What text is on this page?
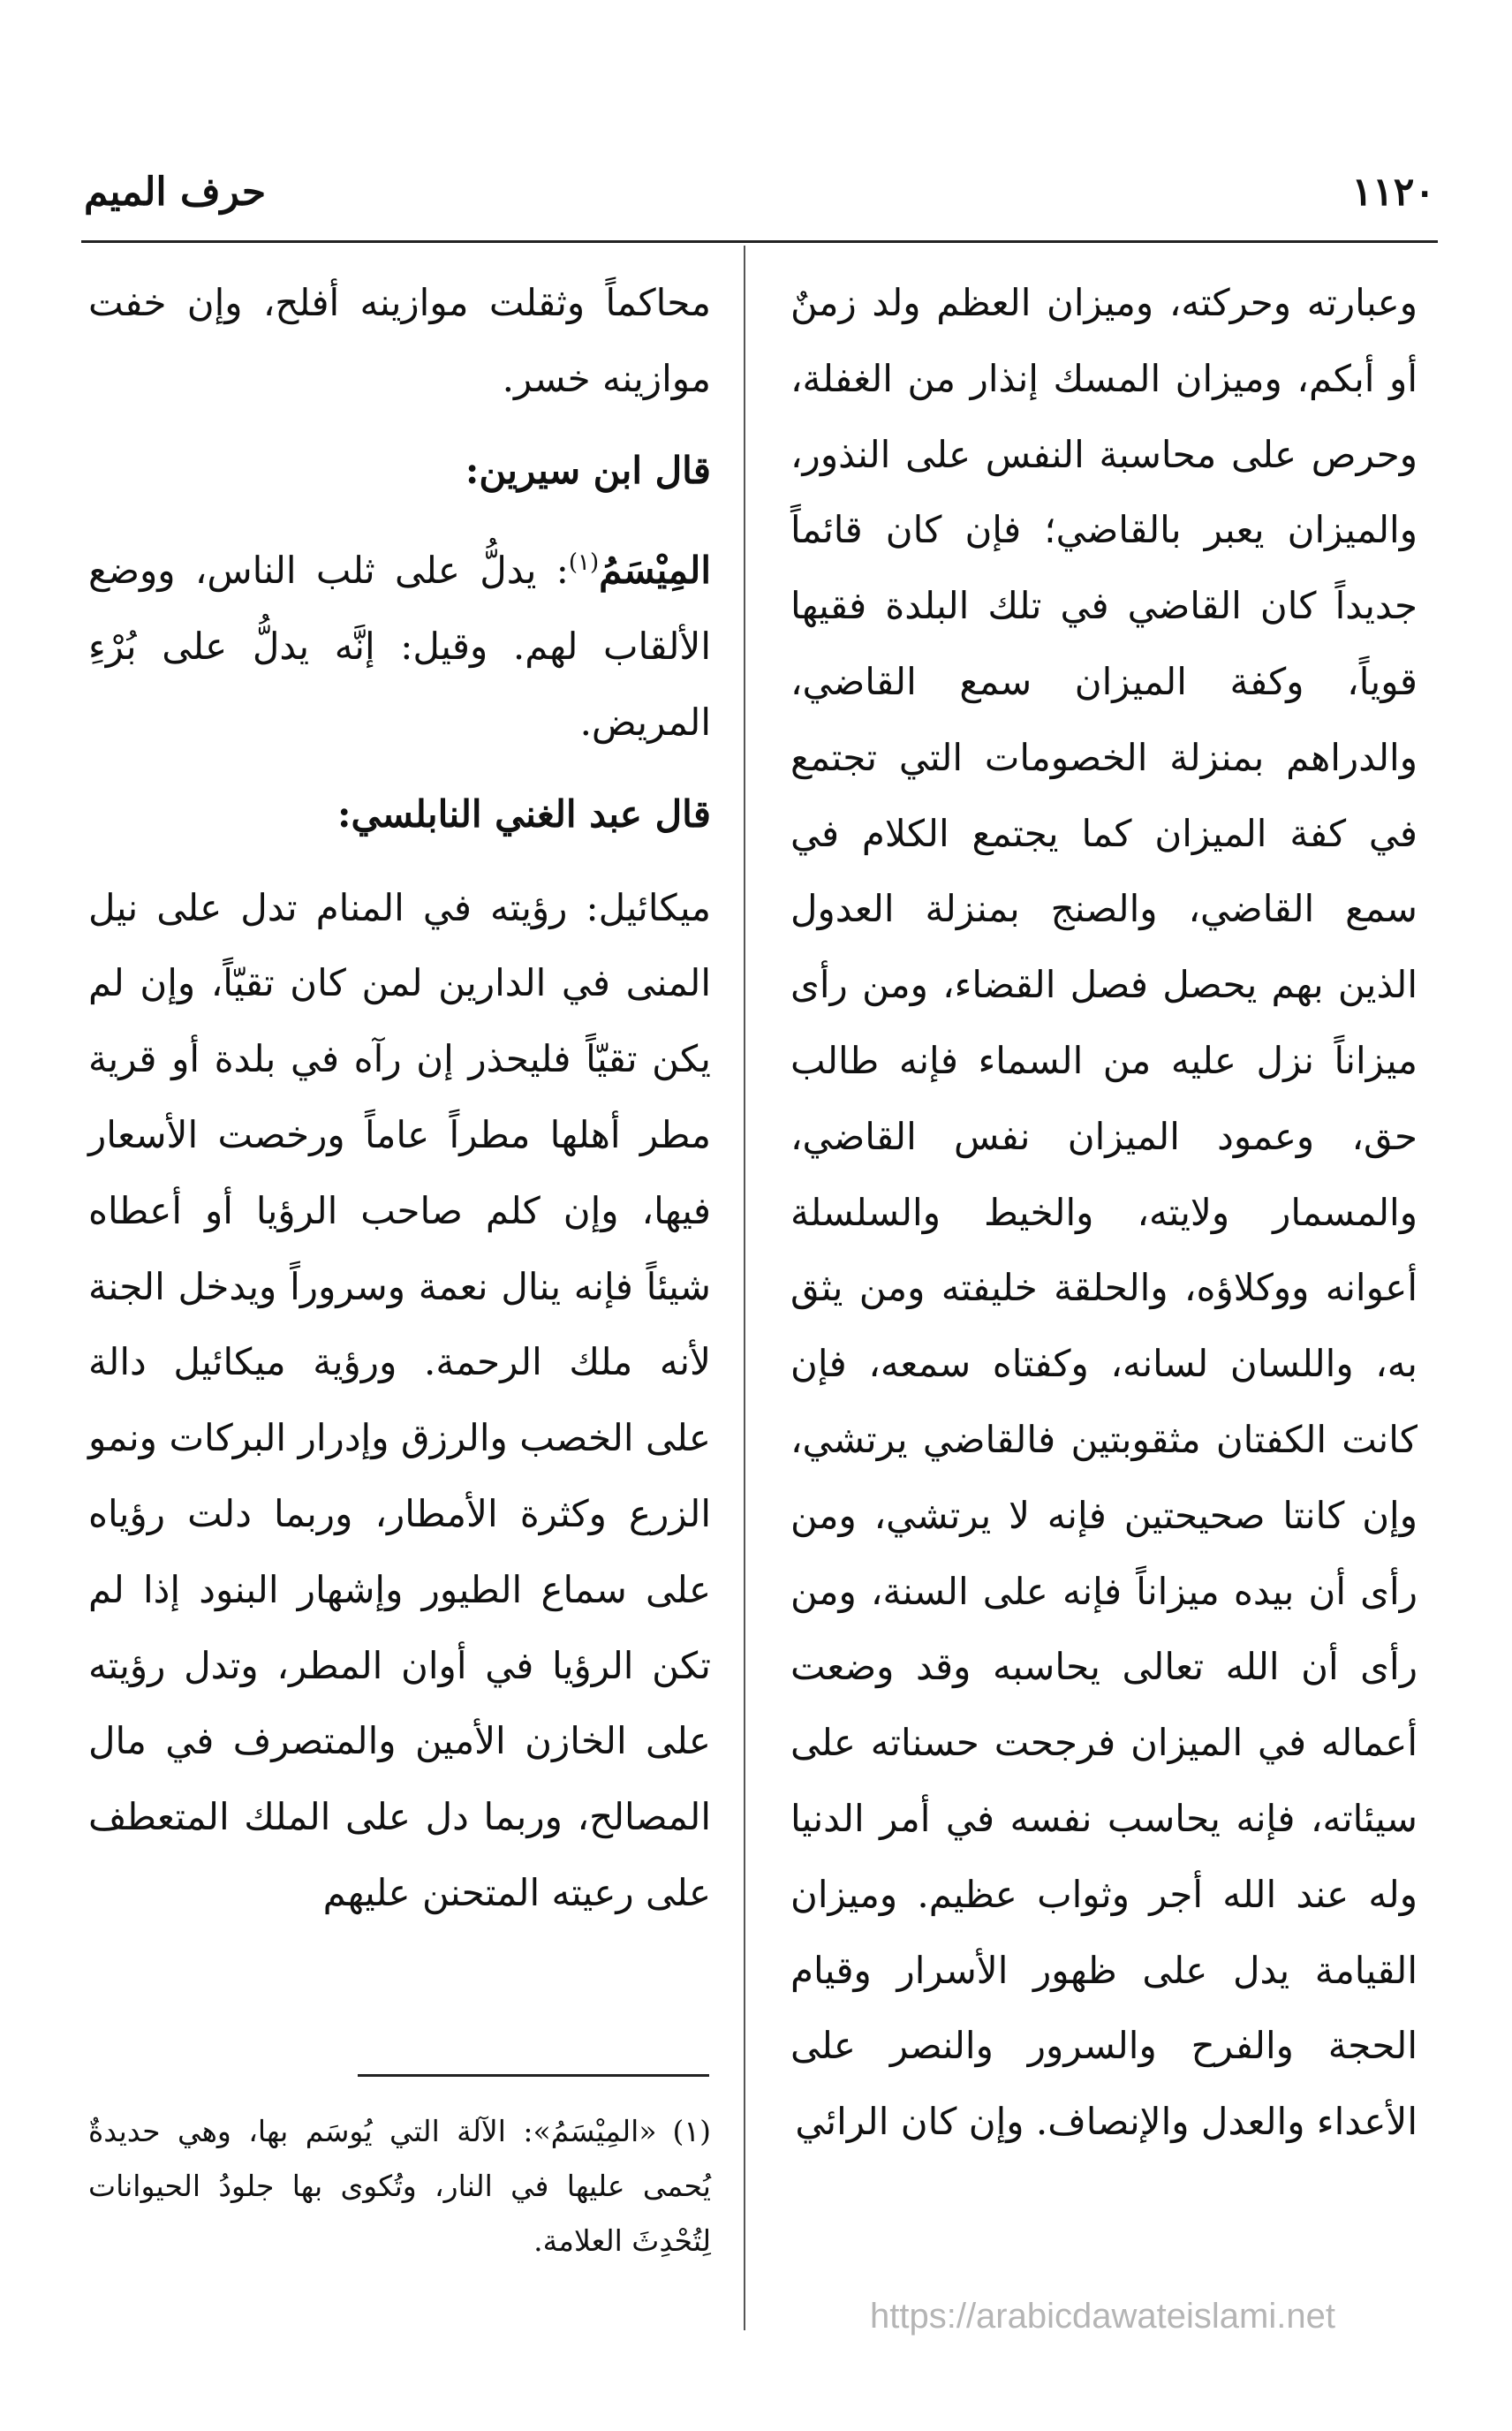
حرف الميم	١١٢٠

وعبارته وحركته، وميزان العظم ولد زمنٌ أو أبكم، وميزان المسك إنذار من الغفلة، وحرص على محاسبة النفس على النذور، والميزان يعبر بالقاضي؛ فإن كان قائماً جديداً كان القاضي في تلك البلدة فقيها قوياً، وكفة الميزان سمع القاضي، والدراهم بمنزلة الخصومات التي تجتمع في كفة الميزان كما يجتمع الكلام في سمع القاضي، والصنج بمنزلة العدول الذين بهم يحصل فصل القضاء، ومن رأى ميزاناً نزل عليه من السماء فإنه طالب حق، وعمود الميزان نفس القاضي، والمسمار ولايته، والخيط والسلسلة أعوانه ووكلاؤه، والحلقة خليفته ومن يثق به، واللسان لسانه، وكفتاه سمعه، فإن كانت الكفتان مثقوبتين فالقاضي يرتشي، وإن كانتا صحيحتين فإنه لا يرتشي، ومن رأى أن بيده ميزاناً فإنه على السنة، ومن رأى أن الله تعالى يحاسبه وقد وضعت أعماله في الميزان فرجحت حسناته على سيئاته، فإنه يحاسب نفسه في أمر الدنيا وله عند الله أجر وثواب عظيم. وميزان القيامة يدل على ظهور الأسرار وقيام الحجة والفرح والسرور والنصر على الأعداء والعدل والإنصاف. وإن كان الرائي

محاكماً وثقلت موازينه أفلح، وإن خفت موازينه خسر.

قال ابن سيرين:

المِيْسَمُ$^{(١)}$: يدلُّ على ثلب الناس، ووضع الألقاب لهم. وقيل: إنَّه يدلُّ على بُرْءِ المريض.

قال عبد الغني النابلسي:

ميكائيل: رؤيته في المنام تدل على نيل المنى في الدارين لمن كان تقيّاً، وإن لم يكن تقيّاً فليحذر إن رآه في بلدة أو قرية مطر أهلها مطراً عاماً ورخصت الأسعار فيها، وإن كلم صاحب الرؤيا أو أعطاه شيئاً فإنه ينال نعمة وسروراً ويدخل الجنة لأنه ملك الرحمة. ورؤية ميكائيل دالة على الخصب والرزق وإدرار البركات ونمو الزرع وكثرة الأمطار، وربما دلت رؤياه على سماع الطيور وإشهار البنود إذا لم تكن الرؤيا في أوان المطر، وتدل رؤيته على الخازن الأمين والمتصرف في مال المصالح، وربما دل على الملك المتعطف على رعيته المتحنن عليهم

(١)«المِيْسَمُ»: الآلة التي يُوسَم بها، وهي حديدةٌ يُحمى عليها في النار، وتُكوى بها جلودُ الحيوانات لِتُحْدِثَ العلامة.
https://arabicdawateislami.net
